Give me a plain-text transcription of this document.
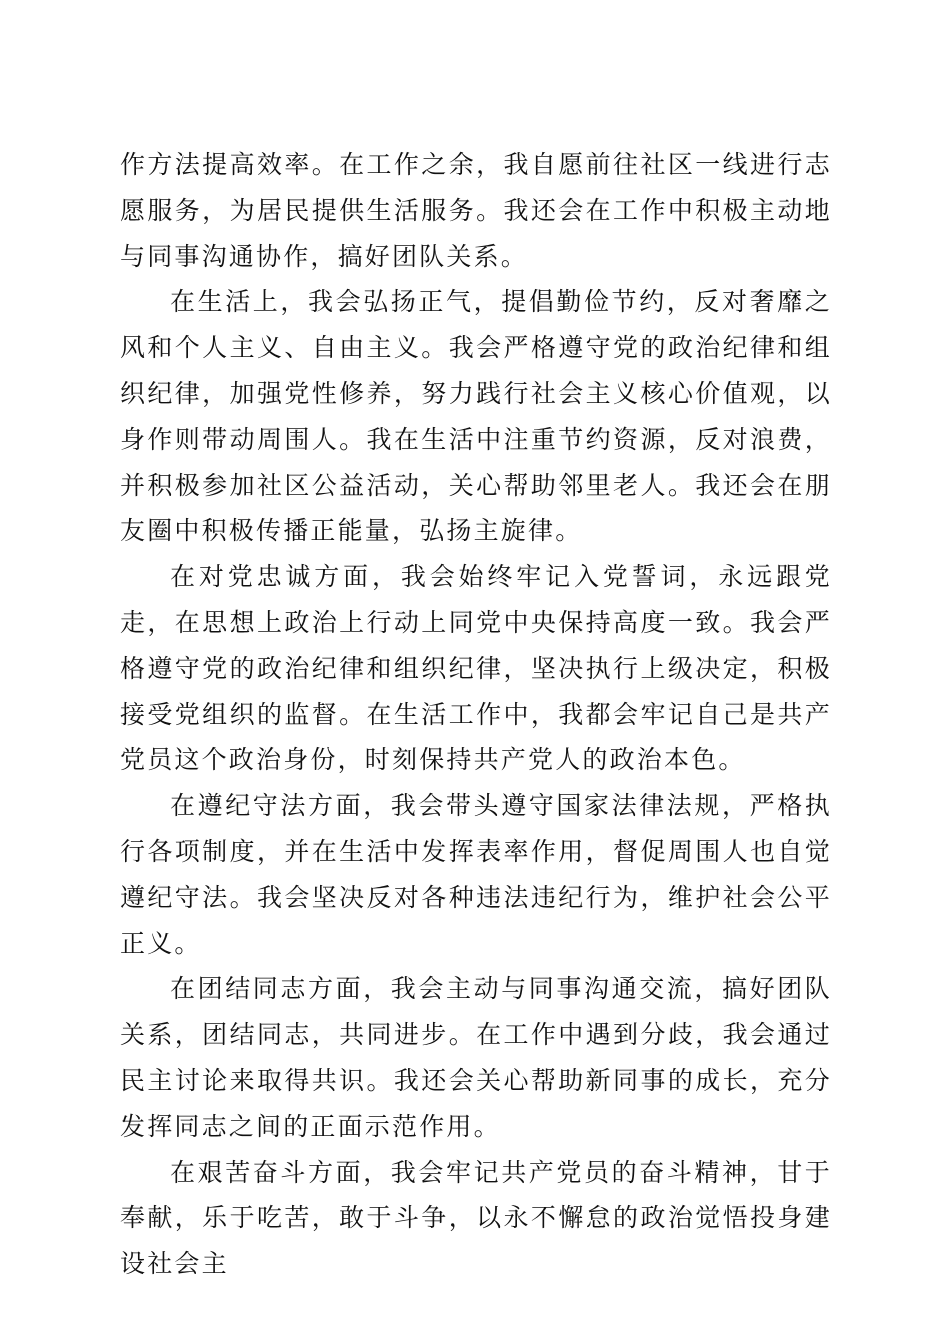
作方法提高效率。在工作之余，我自愿前往社区一线进行志愿服务，为居民提供生活服务。我还会在工作中积极主动地与同事沟通协作，搞好团队关系。

在生活上，我会弘扬正气，提倡勤俭节约，反对奢靡之风和个人主义、自由主义。我会严格遵守党的政治纪律和组织纪律，加强党性修养，努力践行社会主义核心价值观，以身作则带动周围人。我在生活中注重节约资源，反对浪费，并积极参加社区公益活动，关心帮助邻里老人。我还会在朋友圈中积极传播正能量，弘扬主旋律。

在对党忠诚方面，我会始终牢记入党誓词，永远跟党走，在思想上政治上行动上同党中央保持高度一致。我会严格遵守党的政治纪律和组织纪律，坚决执行上级决定，积极接受党组织的监督。在生活工作中，我都会牢记自己是共产党员这个政治身份，时刻保持共产党人的政治本色。

在遵纪守法方面，我会带头遵守国家法律法规，严格执行各项制度，并在生活中发挥表率作用，督促周围人也自觉遵纪守法。我会坚决反对各种违法违纪行为，维护社会公平正义。

在团结同志方面，我会主动与同事沟通交流，搞好团队关系，团结同志，共同进步。在工作中遇到分歧，我会通过民主讨论来取得共识。我还会关心帮助新同事的成长，充分发挥同志之间的正面示范作用。

在艰苦奋斗方面，我会牢记共产党员的奋斗精神，甘于奉献，乐于吃苦，敢于斗争，以永不懈怠的政治觉悟投身建设社会主
